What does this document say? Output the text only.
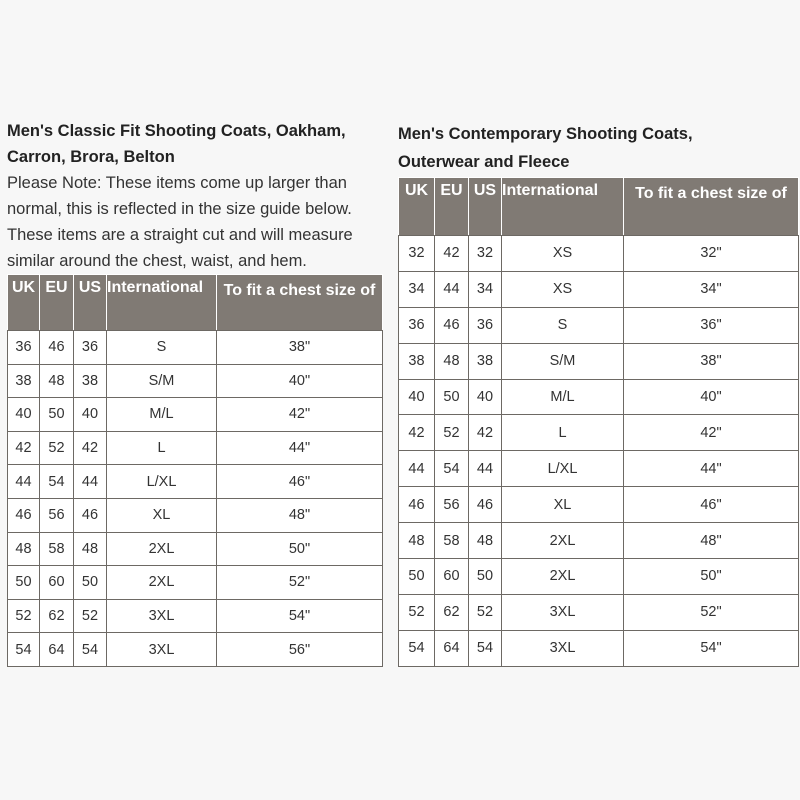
Men's Classic Fit Shooting Coats, Oakham,
Carron, Brora, Belton
Please Note: These items come up larger than
normal, this is reflected in the size guide below.
These items are a straight cut and will measure
similar around the chest, waist, and hem.
UK	EU	US	International	To fit a chest size of

36	46	36	S	38"
38	48	38	S/M	40"
40	50	40	M/L	42"
42	52	42	L	44"
44	54	44	L/XL	46"
46	56	46	XL	48"
48	58	48	2XL	50"
50	60	50	2XL	52"
52	62	52	3XL	54"
54	64	54	3XL	56"
Men's Contemporary Shooting Coats,
Outerwear and Fleece
UK	EU	US	International	To fit a chest size of

32	42	32	XS	32"
34	44	34	XS	34"
36	46	36	S	36"
38	48	38	S/M	38"
40	50	40	M/L	40"
42	52	42	L	42"
44	54	44	L/XL	44"
46	56	46	XL	46"
48	58	48	2XL	48"
50	60	50	2XL	50"
52	62	52	3XL	52"
54	64	54	3XL	54"
